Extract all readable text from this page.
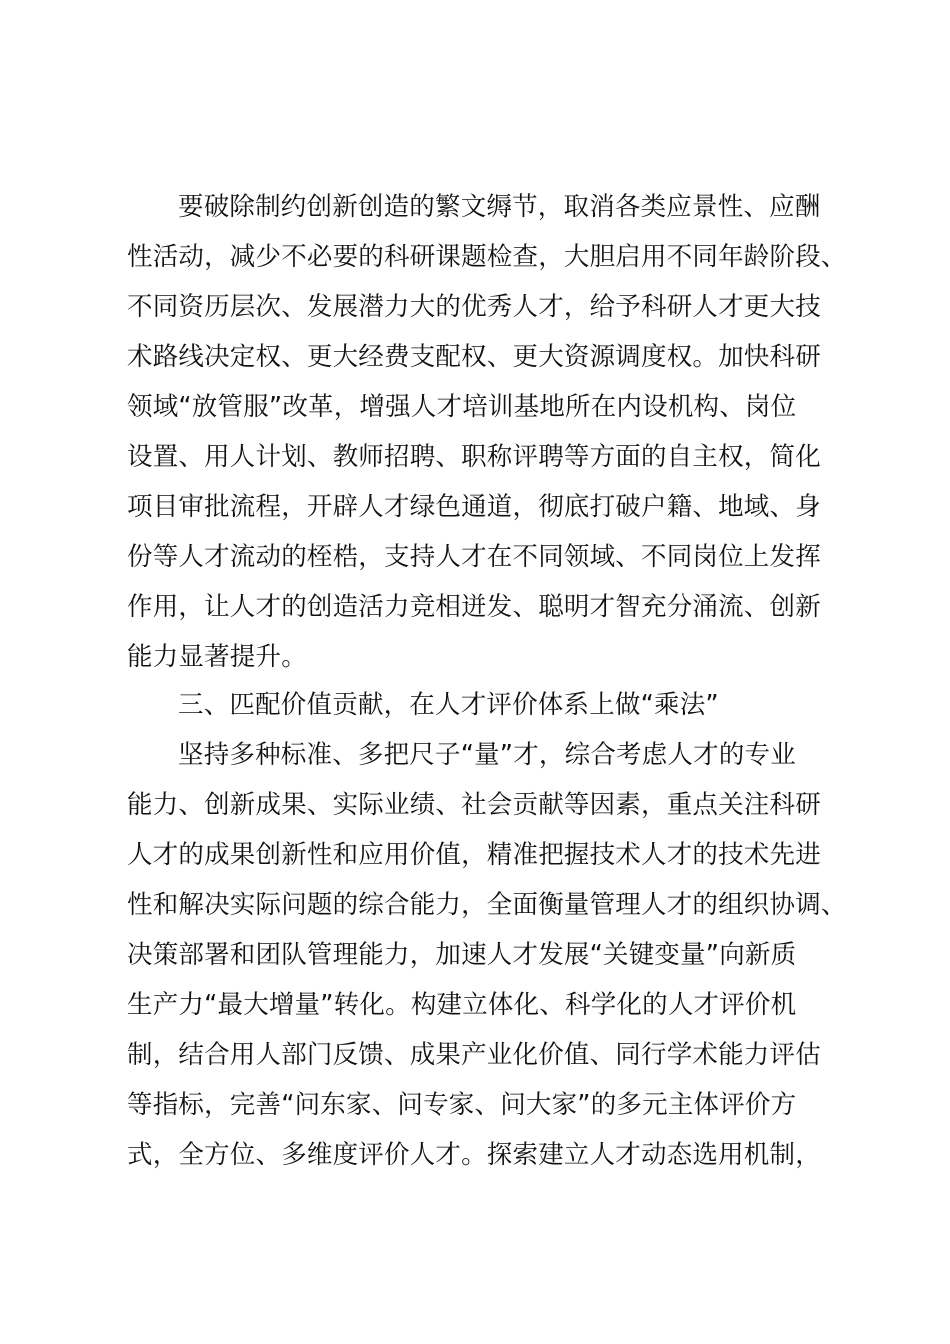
要破除制约创新创造的繁文缛节，取消各类应景性、应酬
性活动，减少不必要的科研课题检查，大胆启用不同年龄阶段、
不同资历层次、发展潜力大的优秀人才，给予科研人才更大技
术路线决定权、更大经费支配权、更大资源调度权。加快科研
领域“放管服”改革，增强人才培训基地所在内设机构、岗位
设置、用人计划、教师招聘、职称评聘等方面的自主权，简化
项目审批流程，开辟人才绿色通道，彻底打破户籍、地域、身
份等人才流动的桎梏，支持人才在不同领域、不同岗位上发挥
作用，让人才的创造活力竞相迸发、聪明才智充分涌流、创新
能力显著提升。
三、匹配价值贡献，在人才评价体系上做“乘法”
坚持多种标准、多把尺子“量”才，综合考虑人才的专业
能力、创新成果、实际业绩、社会贡献等因素，重点关注科研
人才的成果创新性和应用价值，精准把握技术人才的技术先进
性和解决实际问题的综合能力，全面衡量管理人才的组织协调、
决策部署和团队管理能力，加速人才发展“关键变量”向新质
生产力“最大增量”转化。构建立体化、科学化的人才评价机
制，结合用人部门反馈、成果产业化价值、同行学术能力评估
等指标，完善“问东家、问专家、问大家”的多元主体评价方
式，全方位、多维度评价人才。探索建立人才动态选用机制，
